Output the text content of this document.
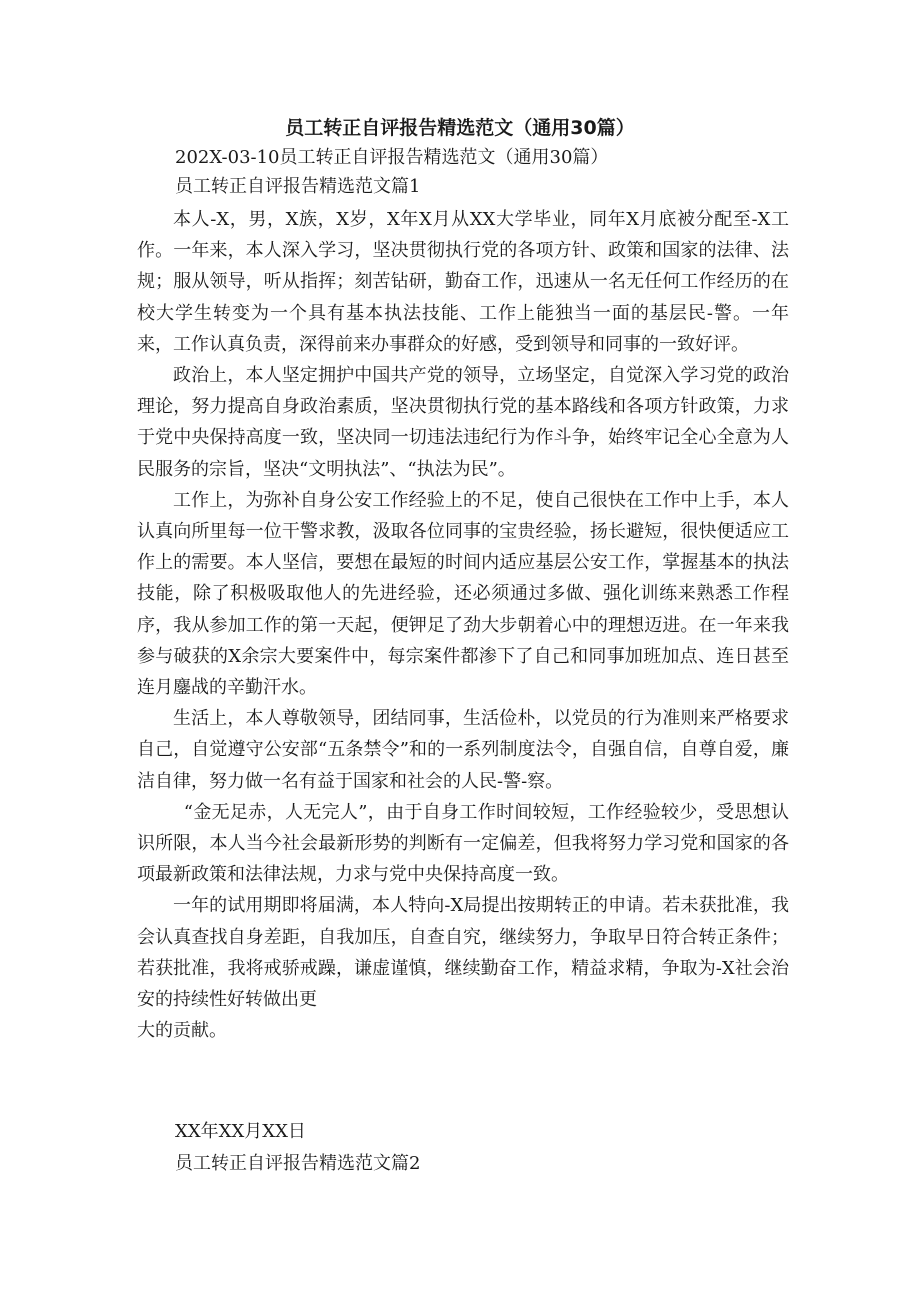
员工转正自评报告精选范文（通用30篇）
202X-03-10员工转正自评报告精选范文（通用30篇）
员工转正自评报告精选范文篇1

本人-X，男，X族，X岁，X年X月从XX大学毕业，同年X月底被分配至-X工作。一年来，本人深入学习，坚决贯彻执行党的各项方针、政策和国家的法律、法规；服从领导，听从指挥；刻苦钻研，勤奋工作，迅速从一名无任何工作经历的在校大学生转变为一个具有基本执法技能、工作上能独当一面的基层民-警。一年来，工作认真负责，深得前来办事群众的好感，受到领导和同事的一致好评。

政治上，本人坚定拥护中国共产党的领导，立场坚定，自觉深入学习党的政治理论，努力提高自身政治素质，坚决贯彻执行党的基本路线和各项方针政策，力求于党中央保持高度一致，坚决同一切违法违纪行为作斗争，始终牢记全心全意为人民服务的宗旨，坚决“文明执法”、“执法为民”。

工作上，为弥补自身公安工作经验上的不足，使自己很快在工作中上手，本人认真向所里每一位干警求教，汲取各位同事的宝贵经验，扬长避短，很快便适应工作上的需要。本人坚信，要想在最短的时间内适应基层公安工作，掌握基本的执法技能，除了积极吸取他人的先进经验，还必须通过多做、强化训练来熟悉工作程序，我从参加工作的第一天起，便钾足了劲大步朝着心中的理想迈进。在一年来我参与破获的X余宗大要案件中，每宗案件都渗下了自己和同事加班加点、连日甚至连月鏖战的辛勤汗水。

生活上，本人尊敬领导，团结同事，生活俭朴，以党员的行为准则来严格要求自己，自觉遵守公安部“五条禁令”和的一系列制度法令，自强自信，自尊自爱，廉洁自律，努力做一名有益于国家和社会的人民-警-察。

“金无足赤，人无完人”，由于自身工作时间较短，工作经验较少，受思想认识所限，本人当今社会最新形势的判断有一定偏差，但我将努力学习党和国家的各项最新政策和法律法规，力求与党中央保持高度一致。

一年的试用期即将届满，本人特向-X局提出按期转正的申请。若未获批准，我会认真查找自身差距，自我加压，自查自究，继续努力，争取早日符合转正条件；若获批准，我将戒骄戒躁，谦虚谨慎，继续勤奋工作，精益求精，争取为-X社会治安的持续性好转做出更

大的贡献。

XX年XX月XX日
员工转正自评报告精选范文篇2
